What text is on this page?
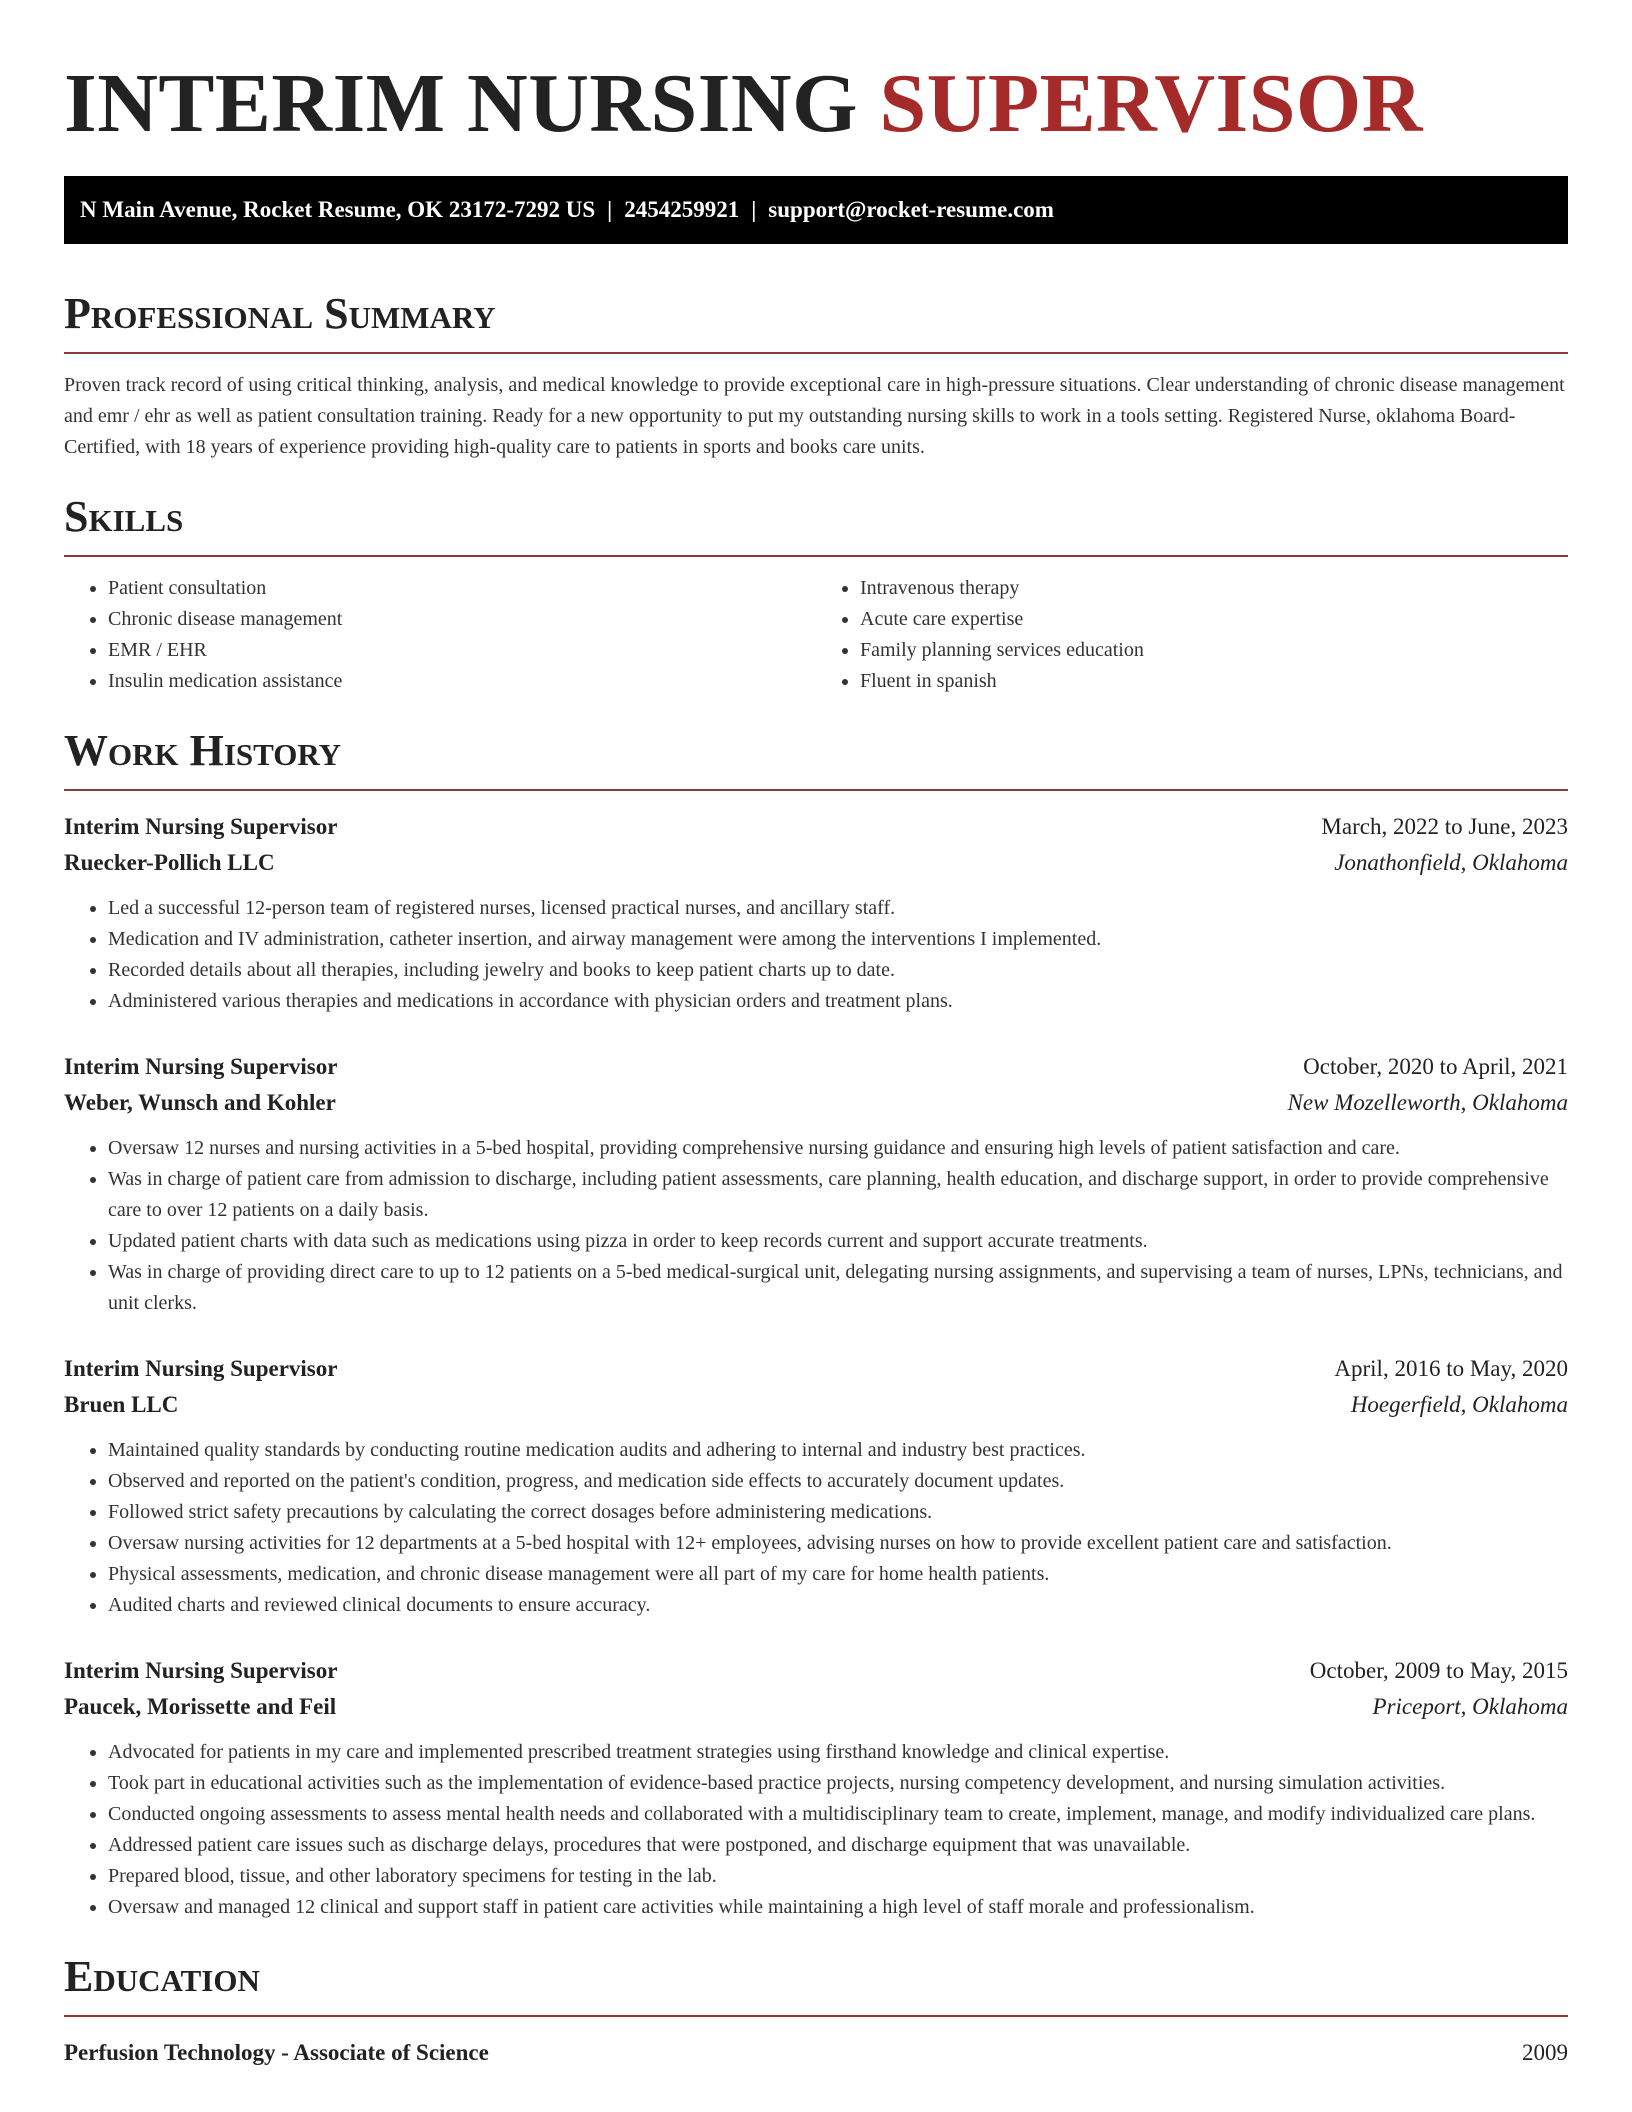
INTERIM NURSING SUPERVISOR
N Main Avenue, Rocket Resume, OK 23172-7292 US | 2454259921 | support@rocket-resume.com
Professional Summary

Proven track record of using critical thinking, analysis, and medical knowledge to provide exceptional care in high-pressure situations. Clear understanding of chronic disease management and emr / ehr as well as patient consultation training. Ready for a new opportunity to put my outstanding nursing skills to work in a tools setting. Registered Nurse, oklahoma Board-Certified, with 18 years of experience providing high-quality care to patients in sports and books care units.

Skills
• Patient consultation
• Chronic disease management
• EMR / EHR
• Insulin medication assistance
• Intravenous therapy
• Acute care expertise
• Family planning services education
• Fluent in spanish
Work History
Interim Nursing Supervisor	March, 2022 to June, 2023
Ruecker-Pollich LLC	Jonathonfield, Oklahoma
• Led a successful 12-person team of registered nurses, licensed practical nurses, and ancillary staff.
• Medication and IV administration, catheter insertion, and airway management were among the interventions I implemented.
• Recorded details about all therapies, including jewelry and books to keep patient charts up to date.
• Administered various therapies and medications in accordance with physician orders and treatment plans.
Interim Nursing Supervisor	October, 2020 to April, 2021
Weber, Wunsch and Kohler	New Mozelleworth, Oklahoma
• Oversaw 12 nurses and nursing activities in a 5-bed hospital, providing comprehensive nursing guidance and ensuring high levels of patient satisfaction and care.
• Was in charge of patient care from admission to discharge, including patient assessments, care planning, health education, and discharge support, in order to provide comprehensive care to over 12 patients on a daily basis.
• Updated patient charts with data such as medications using pizza in order to keep records current and support accurate treatments.
• Was in charge of providing direct care to up to 12 patients on a 5-bed medical-surgical unit, delegating nursing assignments, and supervising a team of nurses, LPNs, technicians, and unit clerks.
Interim Nursing Supervisor	April, 2016 to May, 2020
Bruen LLC	Hoegerfield, Oklahoma
• Maintained quality standards by conducting routine medication audits and adhering to internal and industry best practices.
• Observed and reported on the patient's condition, progress, and medication side effects to accurately document updates.
• Followed strict safety precautions by calculating the correct dosages before administering medications.
• Oversaw nursing activities for 12 departments at a 5-bed hospital with 12+ employees, advising nurses on how to provide excellent patient care and satisfaction.
• Physical assessments, medication, and chronic disease management were all part of my care for home health patients.
• Audited charts and reviewed clinical documents to ensure accuracy.
Interim Nursing Supervisor	October, 2009 to May, 2015
Paucek, Morissette and Feil	Priceport, Oklahoma
• Advocated for patients in my care and implemented prescribed treatment strategies using firsthand knowledge and clinical expertise.
• Took part in educational activities such as the implementation of evidence-based practice projects, nursing competency development, and nursing simulation activities.
• Conducted ongoing assessments to assess mental health needs and collaborated with a multidisciplinary team to create, implement, manage, and modify individualized care plans.
• Addressed patient care issues such as discharge delays, procedures that were postponed, and discharge equipment that was unavailable.
• Prepared blood, tissue, and other laboratory specimens for testing in the lab.
• Oversaw and managed 12 clinical and support staff in patient care activities while maintaining a high level of staff morale and professionalism.
Education
Perfusion Technology - Associate of Science	2009
